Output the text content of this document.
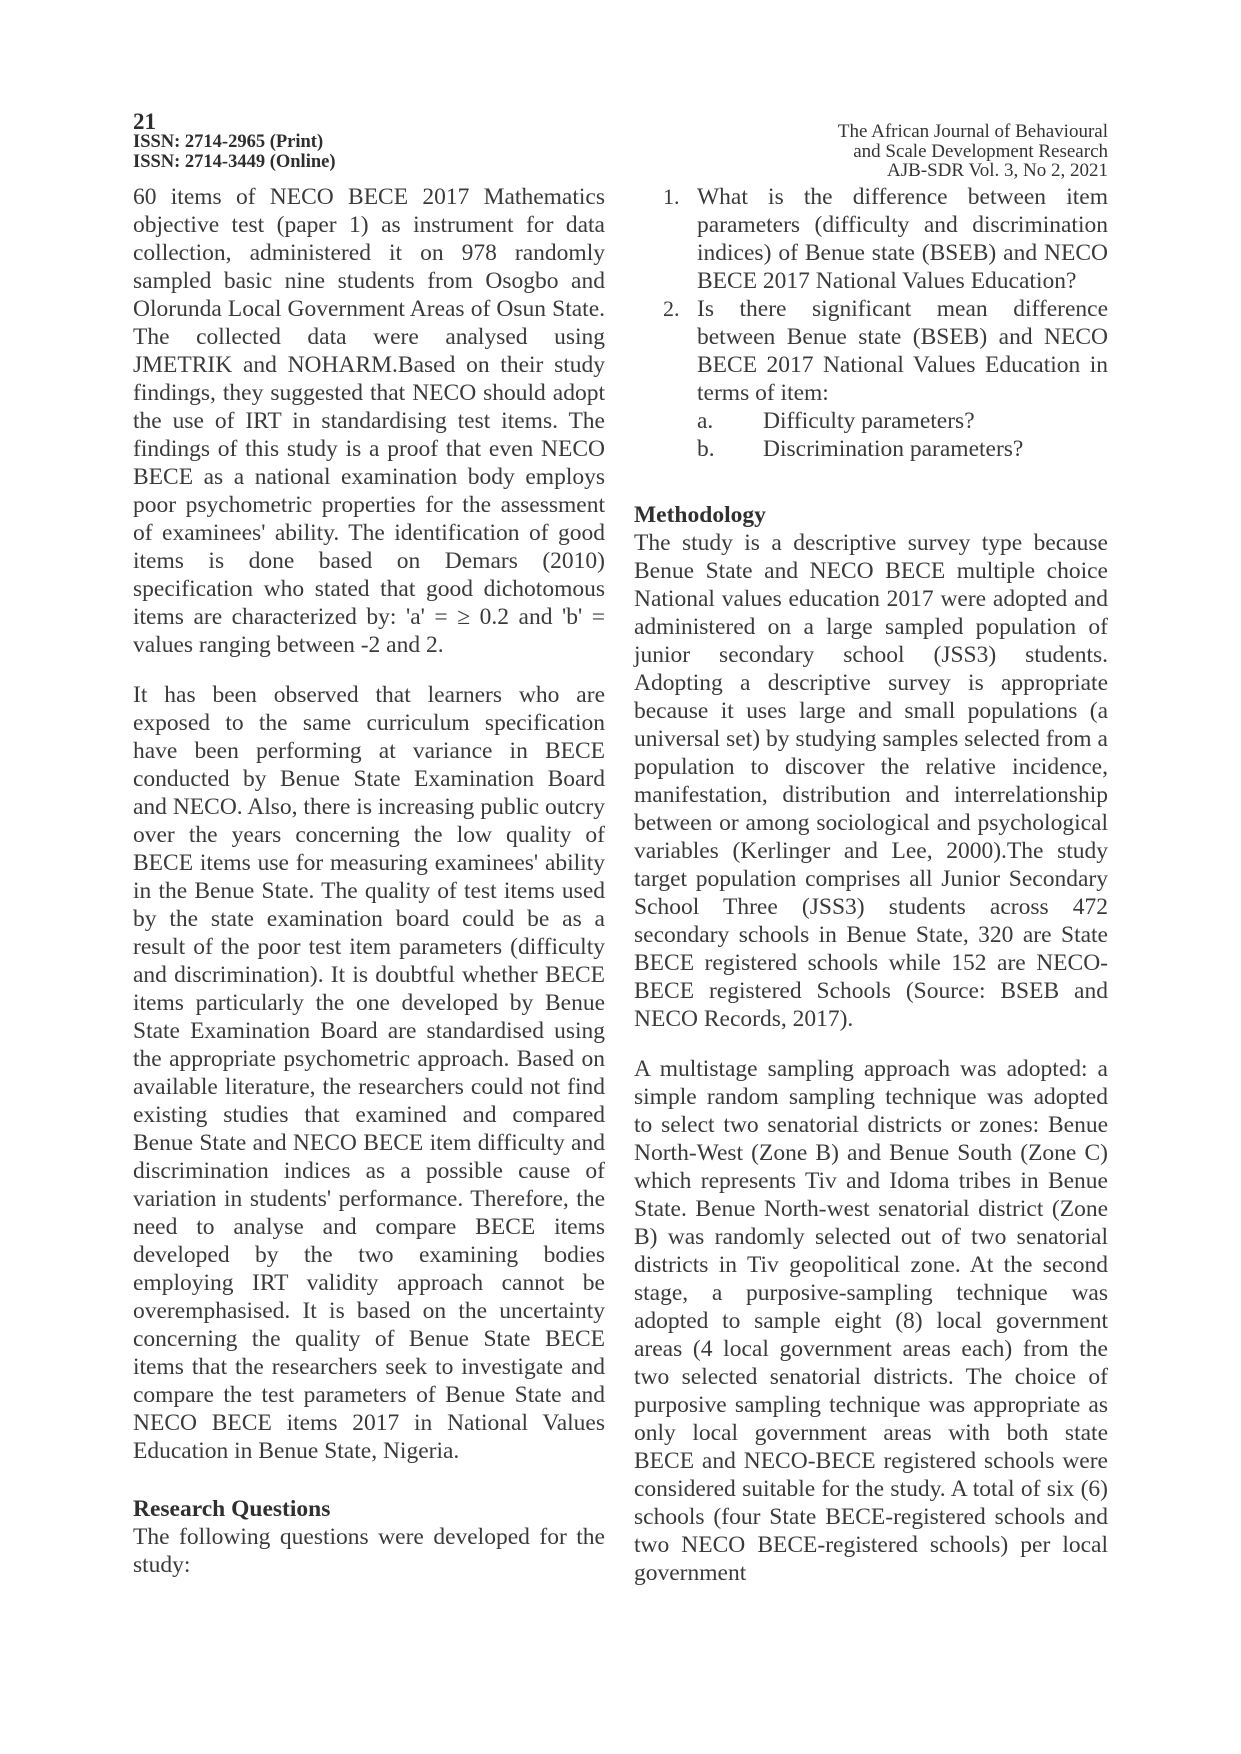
21
ISSN: 2714-2965 (Print)
ISSN: 2714-3449 (Online)
The African Journal of Behavioural
and Scale Development Research
AJB-SDR Vol. 3, No 2, 2021

60 items of NECO BECE 2017 Mathematics objective test (paper 1) as instrument for data collection, administered it on 978 randomly sampled basic nine students from Osogbo and Olorunda Local Government Areas of Osun State. The collected data were analysed using JMETRIK and NOHARM.Based on their study findings, they suggested that NECO should adopt the use of IRT in standardising test items. The findings of this study is a proof that even NECO BECE as a national examination body employs poor psychometric properties for the assessment of examinees' ability. The identification of good items is done based on Demars (2010) specification who stated that good dichotomous items are characterized by: 'a' = ≥ 0.2 and 'b' = values ranging between -2 and 2.

It has been observed that learners who are exposed to the same curriculum specification have been performing at variance in BECE conducted by Benue State Examination Board and NECO. Also, there is increasing public outcry over the years concerning the low quality of BECE items use for measuring examinees' ability in the Benue State. The quality of test items used by the state examination board could be as a result of the poor test item parameters (difficulty and discrimination). It is doubtful whether BECE items particularly the one developed by Benue State Examination Board are standardised using the appropriate psychometric approach. Based on available literature, the researchers could not find existing studies that examined and compared Benue State and NECO BECE item difficulty and discrimination indices as a possible cause of variation in students' performance. Therefore, the need to analyse and compare BECE items developed by the two examining bodies employing IRT validity approach cannot be overemphasised. It is based on the uncertainty concerning the quality of Benue State BECE items that the researchers seek to investigate and compare the test parameters of Benue State and NECO BECE items 2017 in National Values Education in Benue State, Nigeria.

Research Questions

The following questions were developed for the study:

1. What is the difference between item parameters (difficulty and discrimination indices) of Benue state (BSEB) and NECO BECE 2017 National Values Education?
2. Is there significant mean difference between Benue state (BSEB) and NECO BECE 2017 National Values Education in terms of item:
a. Difficulty parameters?
b. Discrimination parameters?
Methodology

The study is a descriptive survey type because Benue State and NECO BECE multiple choice National values education 2017 were adopted and administered on a large sampled population of junior secondary school (JSS3) students. Adopting a descriptive survey is appropriate because it uses large and small populations (a universal set) by studying samples selected from a population to discover the relative incidence, manifestation, distribution and interrelationship between or among sociological and psychological variables (Kerlinger and Lee, 2000).The study target population comprises all Junior Secondary School Three (JSS3) students across 472 secondary schools in Benue State, 320 are State BECE registered schools while 152 are NECO-BECE registered Schools (Source: BSEB and NECO Records, 2017).

A multistage sampling approach was adopted: a simple random sampling technique was adopted to select two senatorial districts or zones: Benue North-West (Zone B) and Benue South (Zone C) which represents Tiv and Idoma tribes in Benue State. Benue North-west senatorial district (Zone B) was randomly selected out of two senatorial districts in Tiv geopolitical zone. At the second stage, a purposive-sampling technique was adopted to sample eight (8) local government areas (4 local government areas each) from the two selected senatorial districts. The choice of purposive sampling technique was appropriate as only local government areas with both state BECE and NECO-BECE registered schools were considered suitable for the study. A total of six (6) schools (four State BECE-registered schools and two NECO BECE-registered schools) per local government
